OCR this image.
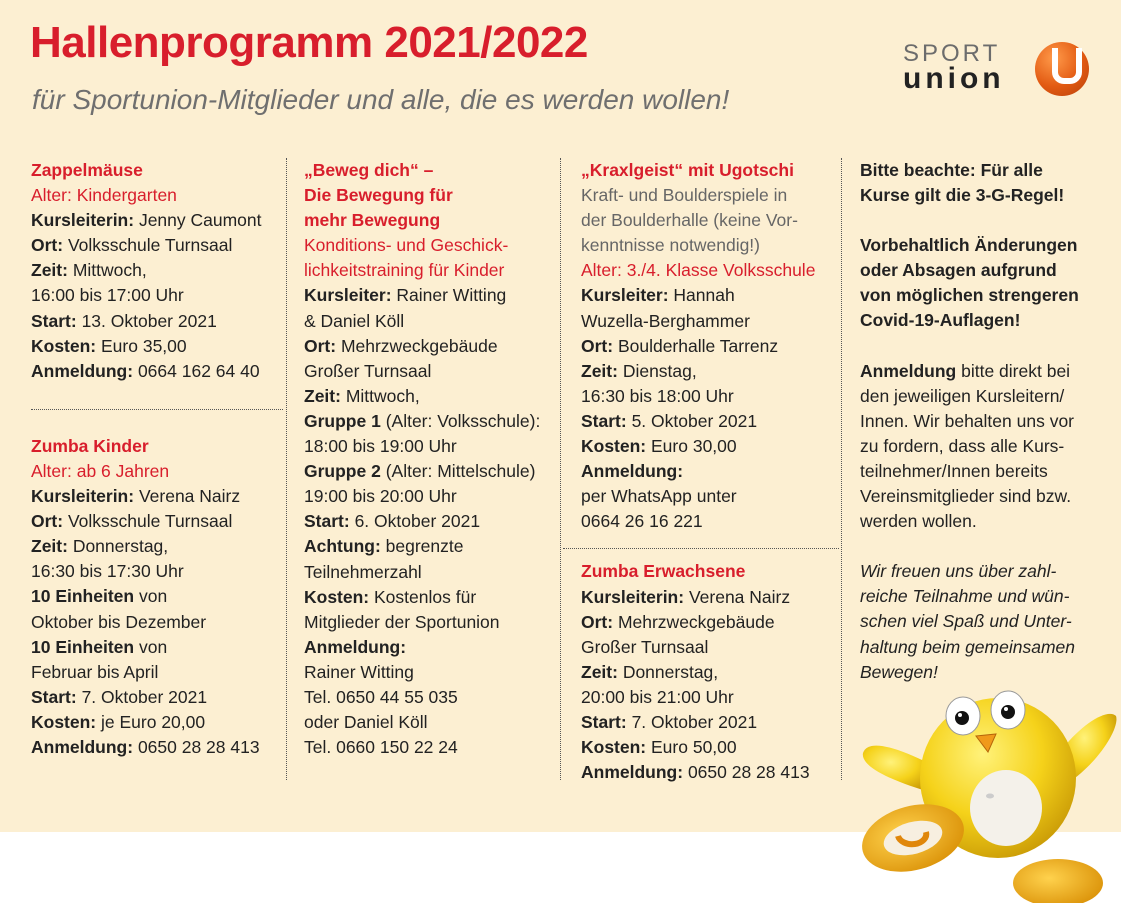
Hallenprogramm 2021/2022
für Sportunion-Mitglieder und alle, die es werden wollen!
SPORT
union

Zappelmäuse

Alter: Kindergarten

Kursleiterin: Jenny Caumont

Ort: Volksschule Turnsaal

Zeit: Mittwoch,

16:00 bis 17:00 Uhr

Start: 13. Oktober 2021

Kosten: Euro 35,00

Anmeldung: 0664 162 64 40

Zumba Kinder

Alter: ab 6 Jahren

Kursleiterin: Verena Nairz

Ort: Volksschule Turnsaal

Zeit: Donnerstag,

16:30 bis 17:30 Uhr

10 Einheiten von

Oktober bis Dezember

10 Einheiten von

Februar bis April

Start: 7. Oktober 2021

Kosten: je Euro 20,00

Anmeldung: 0650 28 28 413

„Beweg dich“ –

Die Bewegung für

mehr Bewegung

Konditions- und Geschick-

lichkeitstraining für Kinder

Kursleiter: Rainer Witting

& Daniel Köll

Ort: Mehrzweckgebäude

Großer Turnsaal

Zeit: Mittwoch,

Gruppe 1 (Alter: Volksschule):

18:00 bis 19:00 Uhr

Gruppe 2 (Alter: Mittelschule)

19:00 bis 20:00 Uhr

Start: 6. Oktober 2021

Achtung: begrenzte

Teilnehmerzahl

Kosten: Kostenlos für

Mitglieder der Sportunion

Anmeldung:

Rainer Witting

Tel. 0650 44 55 035

oder Daniel Köll

Tel. 0660 150 22 24

„Kraxlgeist“ mit Ugotschi

Kraft- und Boulderspiele in

der Boulderhalle (keine Vor-

kenntnisse notwendig!)

Alter: 3./4. Klasse Volksschule

Kursleiter: Hannah

Wuzella-Berghammer

Ort: Boulderhalle Tarrenz

Zeit: Dienstag,

16:30 bis 18:00 Uhr

Start: 5. Oktober 2021

Kosten: Euro 30,00

Anmeldung:

per WhatsApp unter

0664 26 16 221

Zumba Erwachsene

Kursleiterin: Verena Nairz

Ort: Mehrzweckgebäude

Großer Turnsaal

Zeit: Donnerstag,

20:00 bis 21:00 Uhr

Start: 7. Oktober 2021

Kosten: Euro 50,00

Anmeldung: 0650 28 28 413

Bitte beachte: Für alle

Kurse gilt die 3-G-Regel!

Vorbehaltlich Änderungen

oder Absagen aufgrund

von möglichen strengeren

Covid-19-Auflagen!

Anmeldung bitte direkt bei

den jeweiligen Kursleitern/

Innen. Wir behalten uns vor

zu fordern, dass alle Kurs-

teilnehmer/Innen bereits

Vereinsmitglieder sind bzw.

werden wollen.

Wir freuen uns über zahl-

reiche Teilnahme und wün-

schen viel Spaß und Unter-

haltung beim gemeinsamen

Bewegen!
